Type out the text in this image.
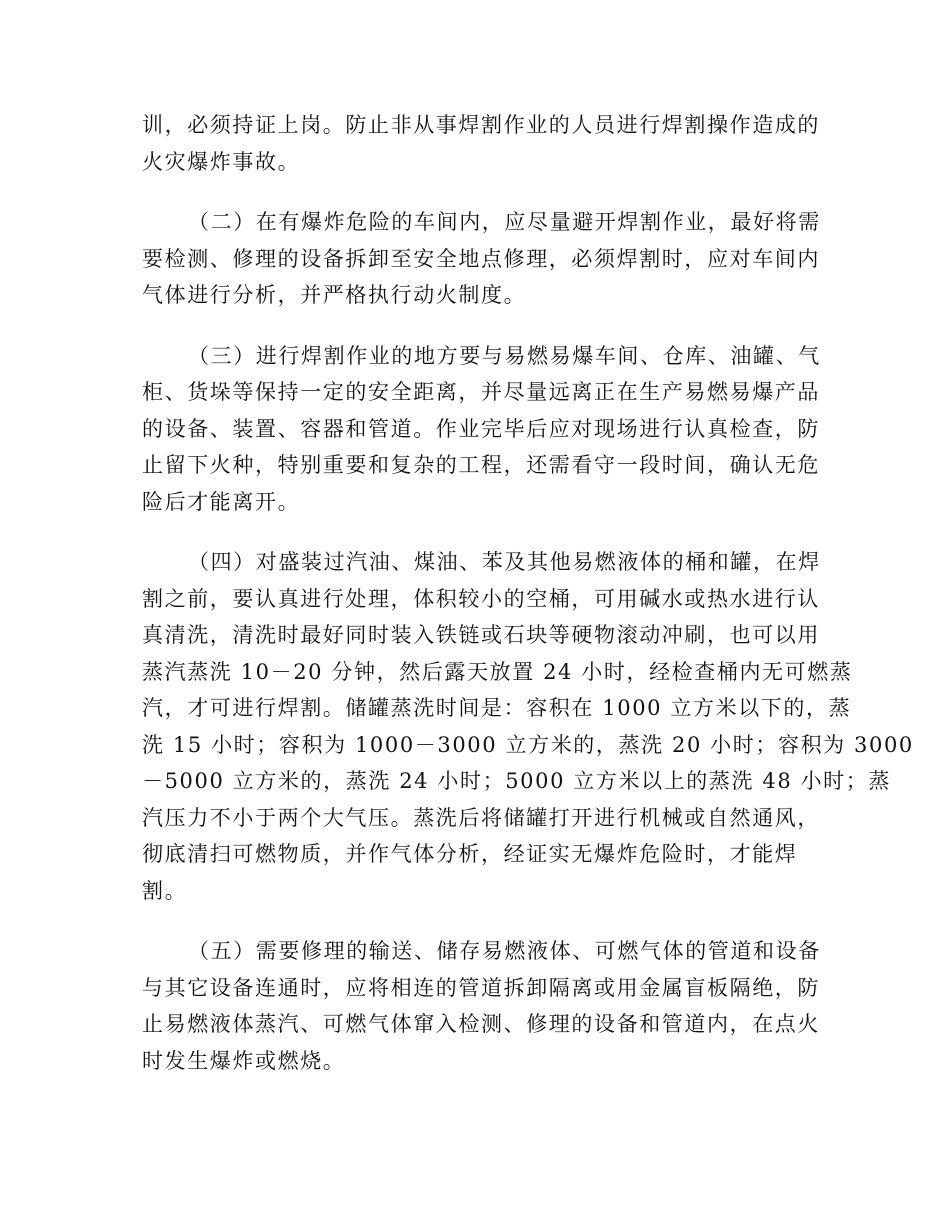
训，必须持证上岗。防止非从事焊割作业的人员进行焊割操作造成的
火灾爆炸事故。
（二）在有爆炸危险的车间内，应尽量避开焊割作业，最好将需
要检测、修理的设备拆卸至安全地点修理，必须焊割时，应对车间内
气体进行分析，并严格执行动火制度。
（三）进行焊割作业的地方要与易燃易爆车间、仓库、油罐、气
柜、货垛等保持一定的安全距离，并尽量远离正在生产易燃易爆产品
的设备、装置、容器和管道。作业完毕后应对现场进行认真检查，防
止留下火种，特别重要和复杂的工程，还需看守一段时间，确认无危
险后才能离开。
（四）对盛装过汽油、煤油、苯及其他易燃液体的桶和罐，在焊
割之前，要认真进行处理，体积较小的空桶，可用碱水或热水进行认
真清洗，清洗时最好同时装入铁链或石块等硬物滚动冲刷，也可以用
蒸汽蒸洗 10－20 分钟，然后露天放置 24 小时，经检查桶内无可燃蒸
汽，才可进行焊割。储罐蒸洗时间是：容积在 1000 立方米以下的，蒸
洗 15 小时；容积为 1000－3000 立方米的，蒸洗 20 小时；容积为 3000
－5000 立方米的，蒸洗 24 小时；5000 立方米以上的蒸洗 48 小时；蒸
汽压力不小于两个大气压。蒸洗后将储罐打开进行机械或自然通风，
彻底清扫可燃物质，并作气体分析，经证实无爆炸危险时，才能焊
割。
（五）需要修理的输送、储存易燃液体、可燃气体的管道和设备
与其它设备连通时，应将相连的管道拆卸隔离或用金属盲板隔绝，防
止易燃液体蒸汽、可燃气体窜入检测、修理的设备和管道内，在点火
时发生爆炸或燃烧。
